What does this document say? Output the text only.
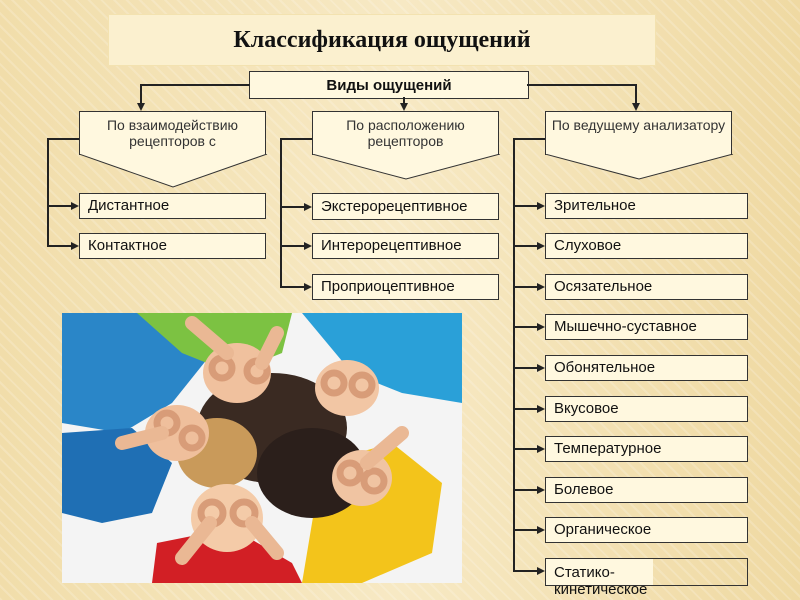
Классификация ощущений
Виды ощущений
По взаимодействию рецепторов с
По расположению рецепторов
По ведущему анализатору
Дистантное
Контактное
Экстерорецептивное
Интерорецептивное
Проприоцептивное
Зрительное
Слуховое
Осязательное
Мышечно-суставное
Обонятельное
Вкусовое
Температурное
Болевое
Органическое
Статико-кинетическое
